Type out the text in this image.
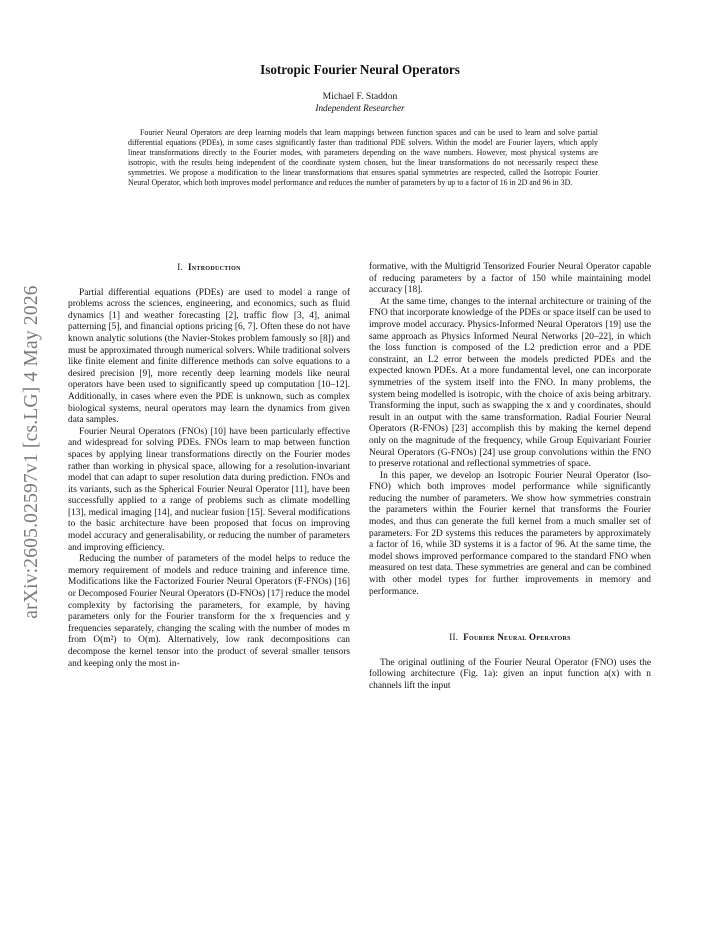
arXiv:2605.02597v1 [cs.LG] 4 May 2026
Isotropic Fourier Neural Operators
Michael F. Staddon
Independent Researcher
Fourier Neural Operators are deep learning models that learn mappings between function spaces and can be used to learn and solve partial differential equations (PDEs), in some cases significantly faster than traditional PDE solvers. Within the model are Fourier layers, which apply linear transformations directly to the Fourier modes, with parameters depending on the wave numbers. However, most physical systems are isotropic, with the results being independent of the coordinate system chosen, but the linear transformations do not necessarily respect these symmetries. We propose a modification to the linear transformations that ensures spatial symmetries are respected, called the Isotropic Fourier Neural Operator, which both improves model performance and reduces the number of parameters by up to a factor of 16 in 2D and 96 in 3D.
I. Introduction

Partial differential equations (PDEs) are used to model a range of problems across the sciences, engineering, and economics, such as fluid dynamics [1] and weather forecasting [2], traffic flow [3, 4], animal patterning [5], and financial options pricing [6, 7]. Often these do not have known analytic solutions (the Navier-Stokes problem famously so [8]) and must be approximated through numerical solvers. While traditional solvers like finite element and finite difference methods can solve equations to a desired precision [9], more recently deep learning models like neural operators have been used to significantly speed up computation [10–12]. Additionally, in cases where even the PDE is unknown, such as complex biological systems, neural operators may learn the dynamics from given data samples.

Fourier Neural Operators (FNOs) [10] have been particularly effective and widespread for solving PDEs. FNOs learn to map between function spaces by applying linear transformations directly on the Fourier modes rather than working in physical space, allowing for a resolution-invariant model that can adapt to super resolution data during prediction. FNOs and its variants, such as the Spherical Fourier Neural Operator [11], have been successfully applied to a range of problems such as climate modelling [13], medical imaging [14], and nuclear fusion [15]. Several modifications to the basic architecture have been proposed that focus on improving model accuracy and generalisability, or reducing the number of parameters and improving efficiency.

Reducing the number of parameters of the model helps to reduce the memory requirement of models and reduce training and inference time. Modifications like the Factorized Fourier Neural Operators (F-FNOs) [16] or Decomposed Fourier Neural Operators (D-FNOs) [17] reduce the model complexity by factorising the parameters, for example, by having parameters only for the Fourier transform for the x frequencies and y frequencies separately, changing the scaling with the number of modes m from O(m²) to O(m). Alternatively, low rank decompositions can decompose the kernel tensor into the product of several smaller tensors and keeping only the most in-

formative, with the Multigrid Tensorized Fourier Neural Operator capable of reducing parameters by a factor of 150 while maintaining model accuracy [18].

At the same time, changes to the internal architecture or training of the FNO that incorporate knowledge of the PDEs or space itself can be used to improve model accuracy. Physics-Informed Neural Operators [19] use the same approach as Physics Informed Neural Networks [20–22], in which the loss function is composed of the L2 prediction error and a PDE constraint, an L2 error between the models predicted PDEs and the expected known PDEs. At a more fundamental level, one can incorporate symmetries of the system itself into the FNO. In many problems, the system being modelled is isotropic, with the choice of axis being arbitrary. Transforming the input, such as swapping the x and y coordinates, should result in an output with the same transformation. Radial Fourier Neural Operators (R-FNOs) [23] accomplish this by making the kernel depend only on the magnitude of the frequency, while Group Equivariant Fourier Neural Operators (G-FNOs) [24] use group convolutions within the FNO to preserve rotational and reflectional symmetries of space.

In this paper, we develop an Isotropic Fourier Neural Operator (Iso-FNO) which both improves model performance while significantly reducing the number of parameters. We show how symmetries constrain the parameters within the Fourier kernel that transforms the Fourier modes, and thus can generate the full kernel from a much smaller set of parameters. For 2D systems this reduces the parameters by approximately a factor of 16, while 3D systems it is a factor of 96. At the same time, the model shows improved performance compared to the standard FNO when measured on test data. These symmetries are general and can be combined with other model types for further improvements in memory and performance.

II. Fourier Neural Operators

The original outlining of the Fourier Neural Operator (FNO) uses the following architecture (Fig. 1a): given an input function a(x) with n channels lift the input
